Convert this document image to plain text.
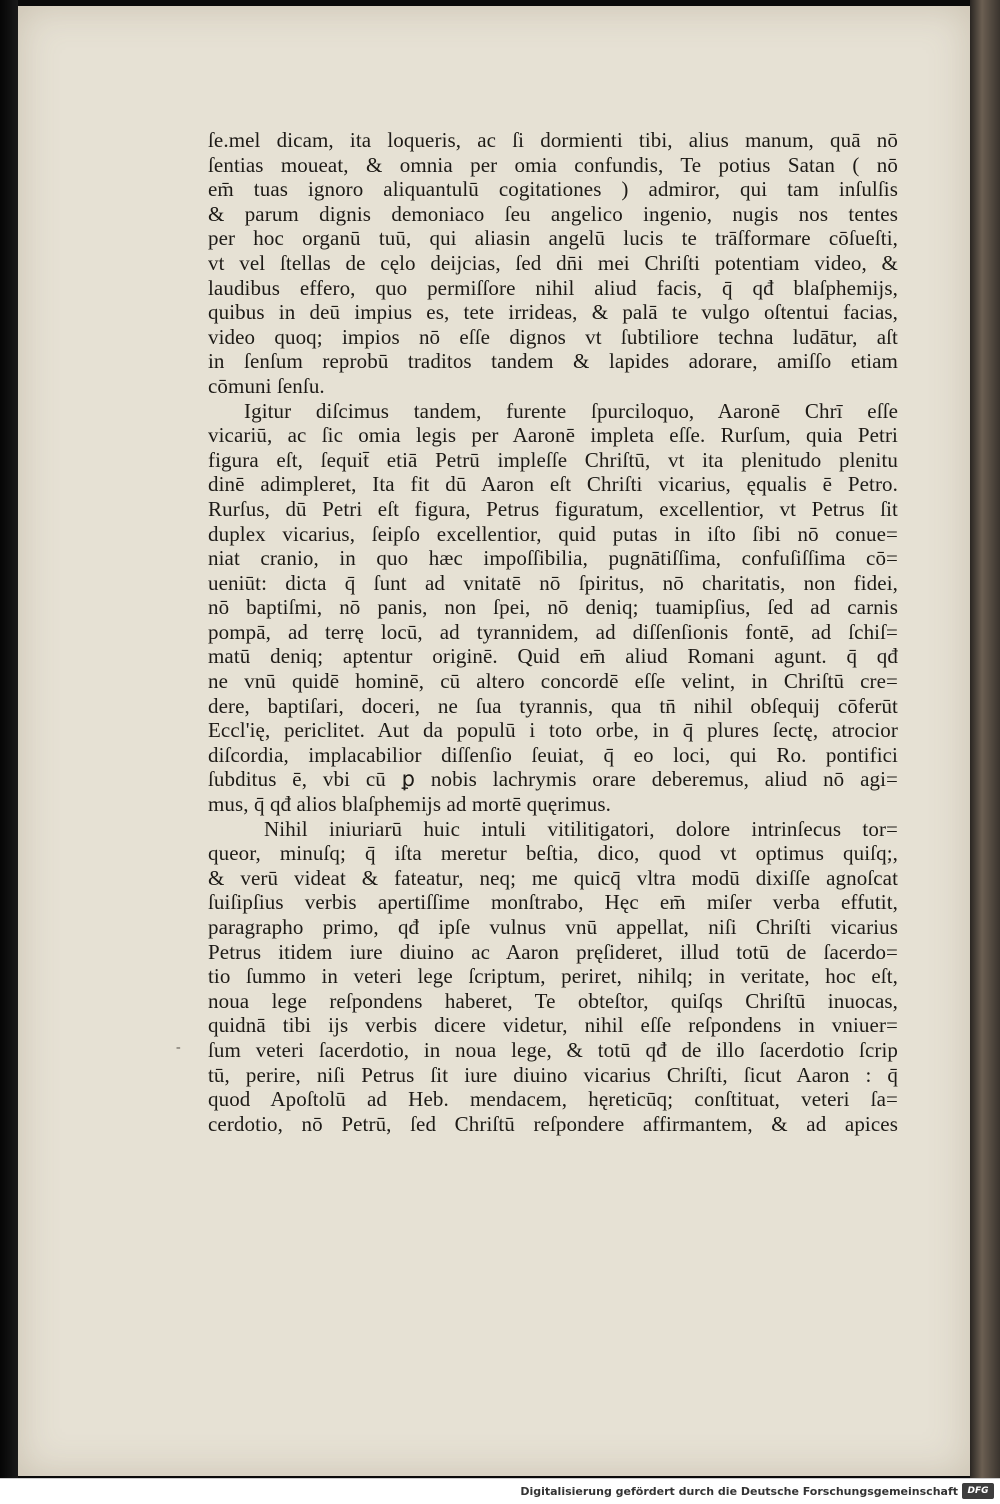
ſe.mel dicam, ita loqueris, ac ſi dormienti tibi, alius manum, quā nō
ſentias moueat, & omnia per omia confundis, Te potius Satan ( nō
em̄ tuas ignoro aliquantulū cogitationes ) admiror, qui tam inſulſis
& parum dignis demoniaco ſeu angelico ingenio, nugis nos tentes
per hoc organū tuū, qui aliasin angelū lucis te trāſformare cōſueſti,
vt vel ſtellas de cęlo deijcias, ſed dn̄i mei Chriſti potentiam video, &
laudibus effero, quo permiſſore nihil aliud facis, q̄ qđ blaſphemijs,
quibus in deū impius es, tete irrideas, & palā te vulgo oſtentui facias,
video quoq; impios nō eſſe dignos vt ſubtiliore techna ludātur, aſt
in ſenſum reprobū traditos tandem & lapides adorare, amiſſo etiam
cōmuni ſenſu.
Igitur diſcimus tandem, furente ſpurciloquo, Aaronē Chrī eſſe
vicariū, ac ſic omia legis per Aaronē impleta eſſe. Rurſum, quia Petri
figura eſt, ſequit̄ etiā Petrū impleſſe Chriſtū, vt ita plenitudo plenitu
dinē adimpleret, Ita fit dū Aaron eſt Chriſti vicarius, ęqualis ē Petro.
Rurſus, dū Petri eſt figura, Petrus figuratum, excellentior, vt Petrus ſit
duplex vicarius, ſeipſo excellentior, quid putas in iſto ſibi nō conue=
niat cranio, in quo hæc impoſſibilia, pugnātiſſima, confuſiſſima cō=
ueniūt: dicta q̄ ſunt ad vnitatē nō ſpiritus, nō charitatis, non fidei,
nō baptiſmi, nō panis, non ſpei, nō deniq; tuamipſius, ſed ad carnis
pompā, ad terrę locū, ad tyrannidem, ad diſſenſionis fontē, ad ſchiſ=
matū deniq; aptentur originē. Quid em̄ aliud Romani agunt. q̄ qđ
ne vnū quidē hominē, cū altero concordē eſſe velint, in Chriſtū cre=
dere, baptiſari, doceri, ne ſua tyrannis, qua tn̄ nihil obſequij cōferūt
Eccl'ię, periclitet. Aut da populū i toto orbe, in q̄ plures ſectę, atrocior
diſcordia, implacabilior diſſenſio ſeuiat, q̄ eo loci, qui Ro. pontifici
ſubditus ē, vbi cū ꝑ nobis lachrymis orare deberemus, aliud nō agi=
mus, q̄ qđ alios blaſphemijs ad mortē quęrimus.
Nihil iniuriarū huic intuli vitilitigatori, dolore intrinſecus tor=
queor, minuſq; q̄ iſta meretur beſtia, dico, quod vt optimus quiſq;,
& verū videat & fateatur, neq; me quicq̄ vltra modū dixiſſe agnoſcat
ſuiſipſius verbis apertiſſime monſtrabo, Hęc em̄ miſer verba effutit,
paragrapho primo, qđ ipſe vulnus vnū appellat, niſi Chriſti vicarius
Petrus itidem iure diuino ac Aaron pręſideret, illud totū de ſacerdo=
tio ſummo in veteri lege ſcriptum, periret, nihilq; in veritate, hoc eſt,
noua lege reſpondens haberet, Te obteſtor, quiſqs Chriſtū inuocas,
quidnā tibi ijs verbis dicere videtur, nihil eſſe reſpondens in vniuer=
ſum veteri ſacerdotio, in noua lege, & totū qđ de illo ſacerdotio ſcrip
tū, perire, niſi Petrus ſit iure diuino vicarius Chriſti, ſicut Aaron : q̄
quod Apoſtolū ad Heb. mendacem, hęreticūq; conſtituat, veteri ſa=
cerdotio, nō Petrū, ſed Chriſtū reſpondere affirmantem, & ad apices
-
Digitalisierung gefördert durch die Deutsche Forschungsgemeinschaft	DFG
